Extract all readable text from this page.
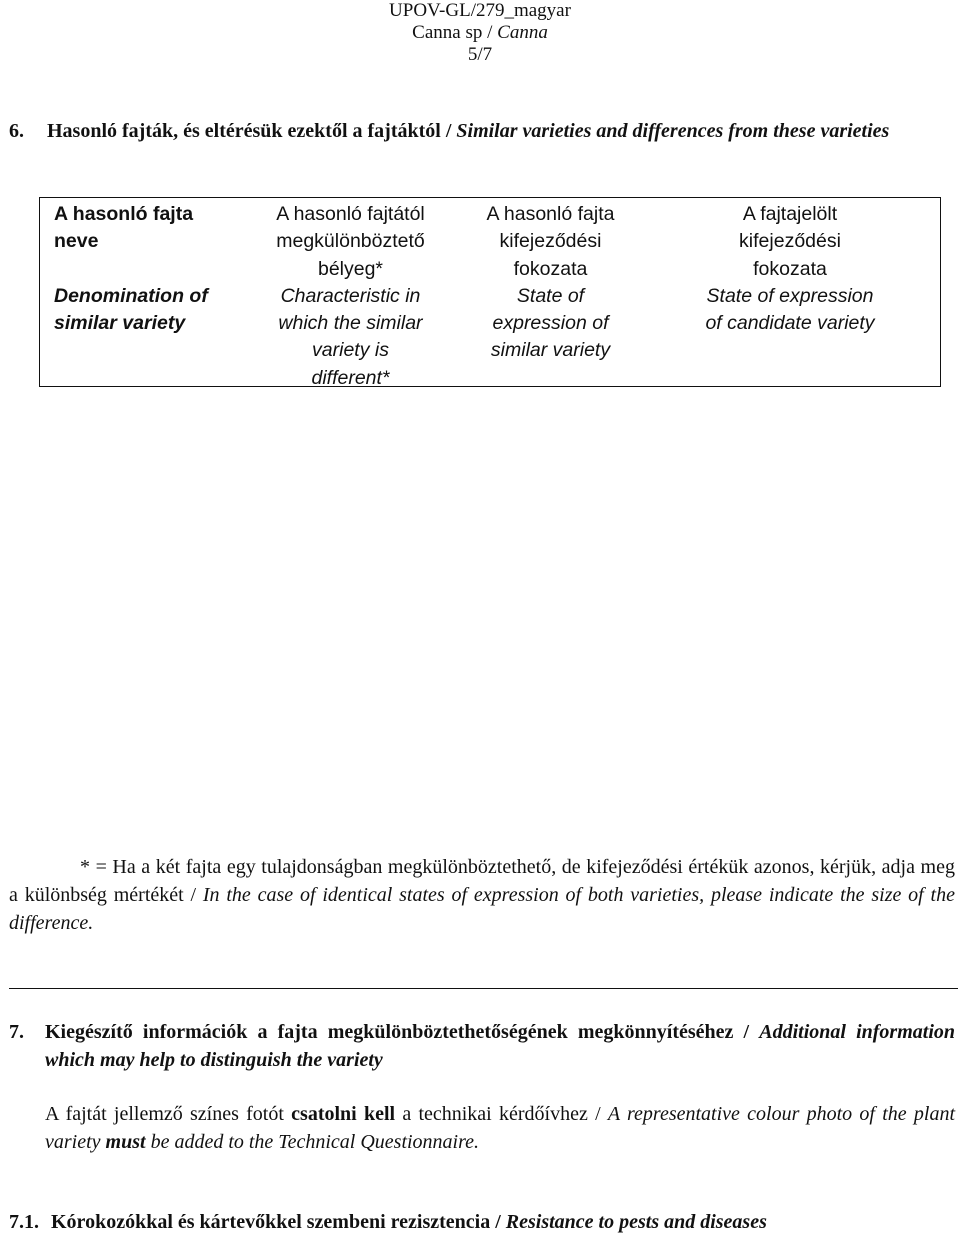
UPOV-GL/279_magyar
Canna sp / Canna
5/7
6. Hasonló fajták, és eltérésük ezektől a fajtáktól / Similar varieties and differences from these varieties
A hasonló fajta
neve
Denomination of
similar variety
A hasonló fajtától
megkülönböztető
bélyeg*
Characteristic in
which the similar
variety is
different*
A hasonló fajta
kifejeződési
fokozata
State of
expression of
similar variety
A fajtajelölt
kifejeződési
fokozata
State of expression
of candidate variety
* = Ha a két fajta egy tulajdonságban megkülönböztethető, de kifejeződési értékük azonos, kérjük, adja meg a különbség mértékét / In the case of identical states of expression of both varieties, please indicate the size of the difference.
7. Kiegészítő információk a fajta megkülönböztethetőségének megkönnyítéséhez / Additional information which may help to distinguish the variety
A fajtát jellemző színes fotót csatolni kell a technikai kérdőívhez / A representative colour photo of the plant variety must be added to the Technical Questionnaire.
7.1. Kórokozókkal és kártevőkkel szembeni rezisztencia / Resistance to pests and diseases
